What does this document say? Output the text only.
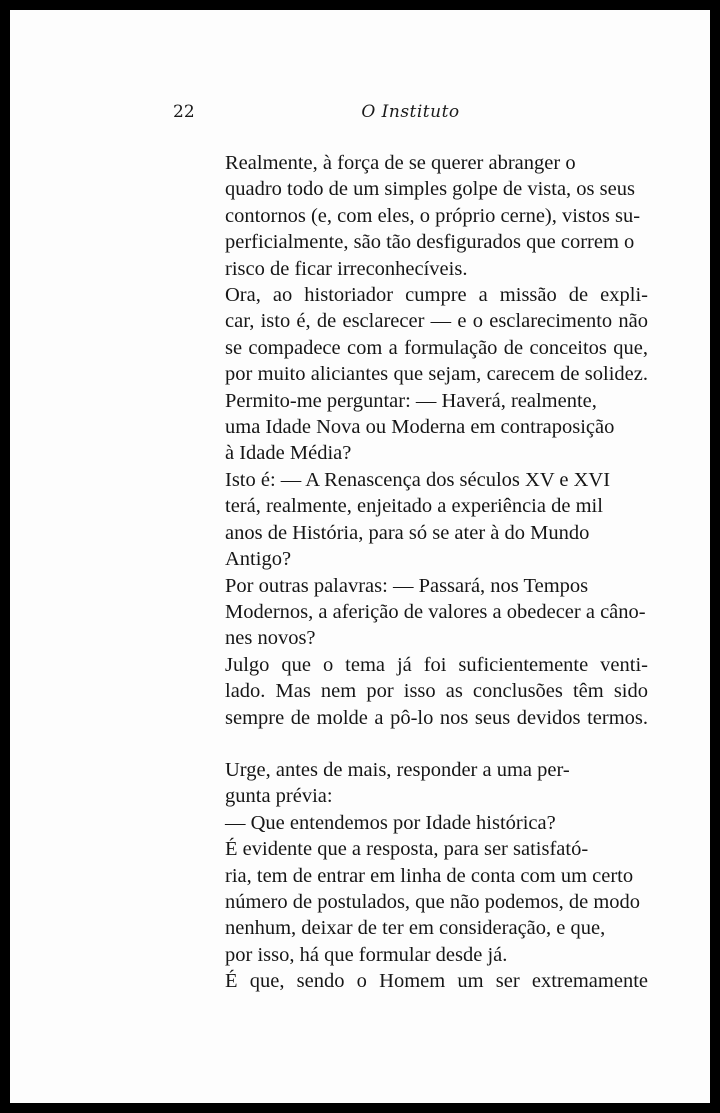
22	O Instituto

Realmente, à força de se querer abranger o
quadro todo de um simples golpe de vista, os seus
contornos (e, com eles, o próprio cerne), vistos su-
perficialmente, são tão desfigurados que correm o
risco de ficar irreconhecíveis.

Ora, ao historiador cumpre a missão de expli-
car, isto é, de esclarecer — e o esclarecimento não
se compadece com a formulação de conceitos que,
por muito aliciantes que sejam, carecem de solidez.

Permito-me perguntar: — Haverá, realmente,
uma Idade Nova ou Moderna em contraposição
à Idade Média?

Isto é: — A Renascença dos séculos XV e XVI
terá, realmente, enjeitado a experiência de mil
anos de História, para só se ater à do Mundo
Antigo?

Por outras palavras: — Passará, nos Tempos
Modernos, a aferição de valores a obedecer a câno-
nes novos?

Julgo que o tema já foi suficientemente venti-
lado. Mas nem por isso as conclusões têm sido
sempre de molde a pô-lo nos seus devidos termos.

Urge, antes de mais, responder a uma per-
gunta prévia:

— Que entendemos por Idade histórica?

É evidente que a resposta, para ser satisfató-
ria, tem de entrar em linha de conta com um certo
número de postulados, que não podemos, de modo
nenhum, deixar de ter em consideração, e que,
por isso, há que formular desde já.

É que, sendo o Homem um ser extremamente
